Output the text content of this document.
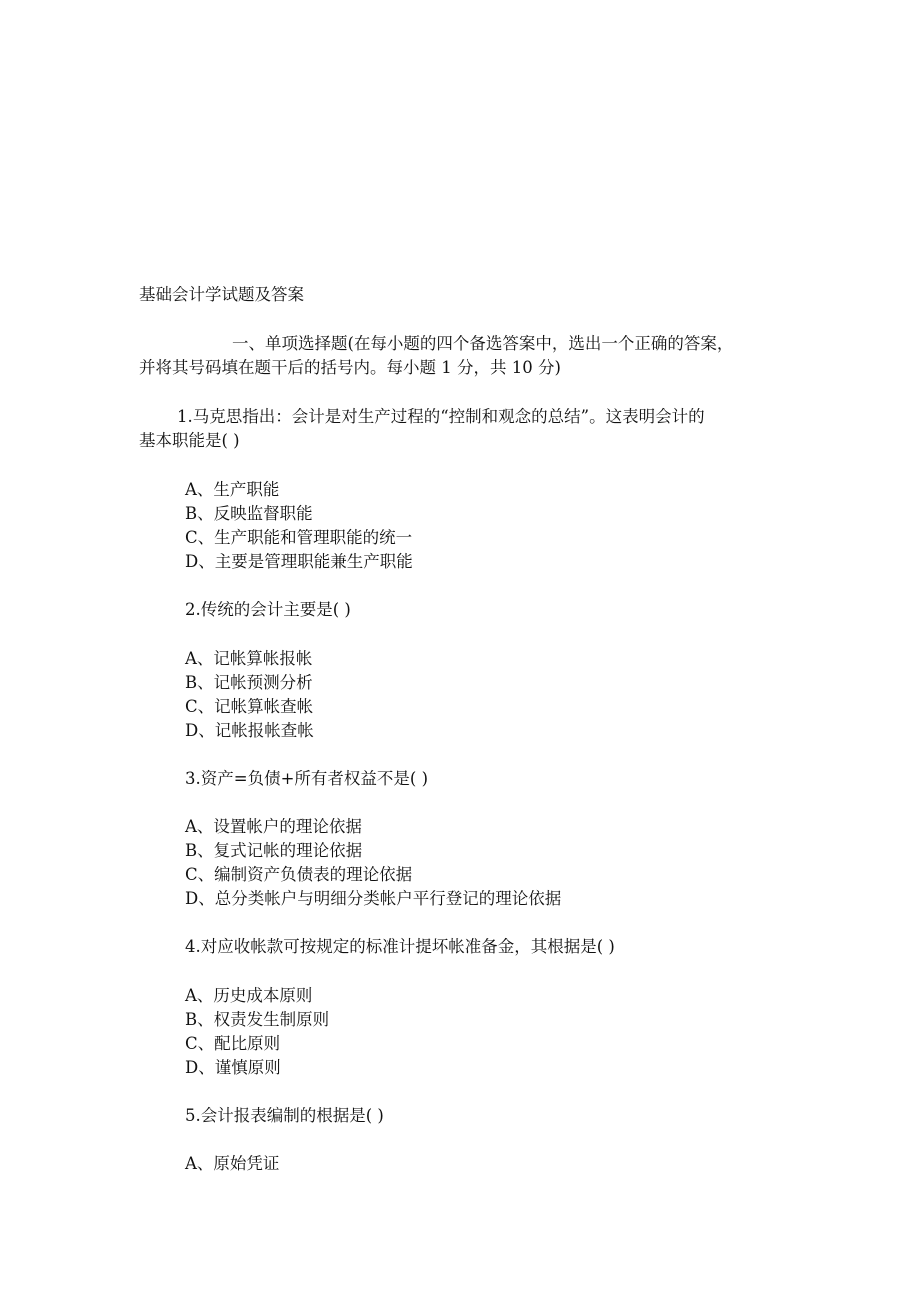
基础会计学试题及答案
一、单项选择题(在每小题的四个备选答案中，选出一个正确的答案，
并将其号码填在题干后的括号内。每小题 1 分，共 10 分)
1.马克思指出：会计是对生产过程的“控制和观念的总结”。这表明会计的
基本职能是( )
A、生产职能
B、反映监督职能
C、生产职能和管理职能的统一
D、主要是管理职能兼生产职能
2.传统的会计主要是( )
A、记帐算帐报帐
B、记帐预测分析
C、记帐算帐查帐
D、记帐报帐查帐
3.资产=负债+所有者权益不是( )
A、设置帐户的理论依据
B、复式记帐的理论依据
C、编制资产负债表的理论依据
D、总分类帐户与明细分类帐户平行登记的理论依据
4.对应收帐款可按规定的标准计提坏帐准备金，其根据是( )
A、历史成本原则
B、权责发生制原则
C、配比原则
D、谨慎原则
5.会计报表编制的根据是( )
A、原始凭证
